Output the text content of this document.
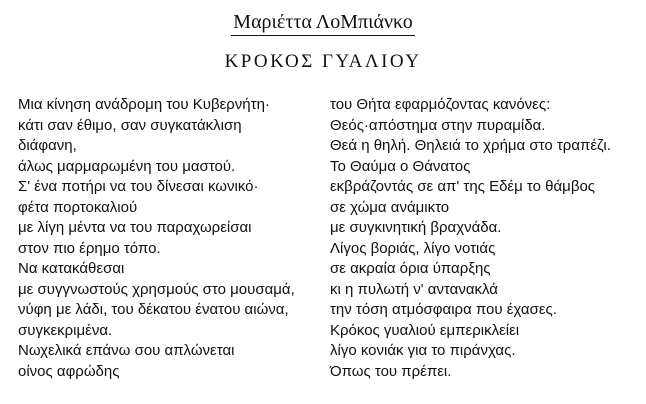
Μαριέττα ΛοΜπιάνκο
ΚΡΟΚΟΣ ΓΥΑΛΙΟΥ
Μια κίνηση ανάδρομη του Κυβερνήτη·
κάτι σαν έθιμο, σαν συγκατάκλιση
διάφανη,
άλως μαρμαρωμένη του μαστού.
Σ' ένα ποτήρι να του δίνεσαι κωνικό·
φέτα πορτοκαλιού
με λίγη μέντα να του παραχωρείσαι
στον πιο έρημο τόπο.
Να κατακάθεσαι
με συγγνωστούς χρησμούς στο μουσαμά,
νύφη με λάδι, του δέκατου ένατου αιώνα,
συγκεκριμένα.
Νωχελικά επάνω σου απλώνεται
οίνος αφρώδης
του Θήτα εφαρμόζοντας κανόνες:
Θεός·απόστημα στην πυραμίδα.
Θεά η θηλή. Θηλειά το χρήμα στο τραπέζι.
Το Θαύμα ο Θάνατος
εκβράζοντάς σε απ' της Εδέμ το θάμβος
σε χώμα ανάμικτο
με συγκινητική βραχνάδα.
Λίγος βοριάς, λίγο νοτιάς
σε ακραία όρια ύπαρξης
κι η πυλωτή ν' αντανακλά
την τόση ατμόσφαιρα που έχασες.
Κρόκος γυαλιού εμπερικλείει
λίγο κονιάκ για το πιράνχας.
Όπως του πρέπει.
